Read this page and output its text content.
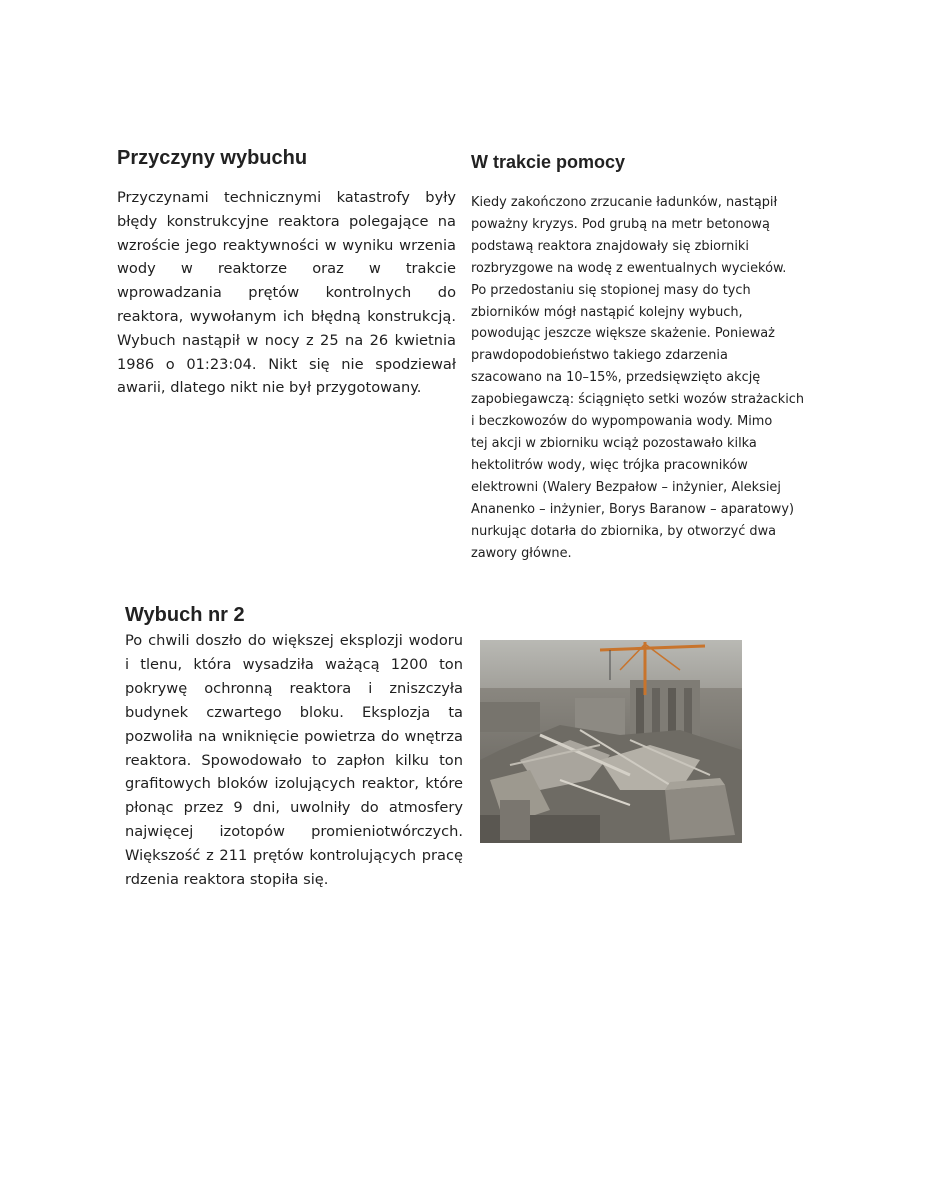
Przyczyny wybuchu
Przyczynami technicznymi katastrofy były
błędy konstrukcyjne reaktora polegające na
wzroście jego reaktywności w wyniku wrzenia
wody w reaktorze oraz w trakcie
wprowadzania prętów kontrolnych do
reaktora, wywołanym ich błędną konstrukcją.
Wybuch nastąpił w nocy z 25 na 26 kwietnia
1986 o 01:23:04. Nikt się nie spodziewał
awarii, dlatego nikt nie był przygotowany.
W trakcie pomocy
Kiedy zakończono zrzucanie ładunków, nastąpił
poważny kryzys. Pod grubą na metr betonową
podstawą reaktora znajdowały się zbiorniki
rozbryzgowe na wodę z ewentualnych wycieków.
Po przedostaniu się stopionej masy do tych
zbiorników mógł nastąpić kolejny wybuch,
powodując jeszcze większe skażenie. Ponieważ
prawdopodobieństwo takiego zdarzenia
szacowano na 10–15%, przedsięwzięto akcję
zapobiegawczą: ściągnięto setki wozów strażackich
i beczkowozów do wypompowania wody. Mimo
tej akcji w zbiorniku wciąż pozostawało kilka
hektolitrów wody, więc trójka pracowników
elektrowni (Walery Bezpałow – inżynier, Aleksiej
Ananenko – inżynier, Borys Baranow – aparatowy)
nurkując dotarła do zbiornika, by otworzyć dwa
zawory główne.
Wybuch nr 2
Po chwili doszło do większej eksplozji wodoru
i tlenu, która wysadziła ważącą 1200 ton
pokrywę ochronną reaktora i zniszczyła
budynek czwartego bloku. Eksplozja ta
pozwoliła na wniknięcie powietrza do wnętrza
reaktora. Spowodowało to zapłon kilku ton
grafitowych bloków izolujących reaktor, które
płonąc przez 9 dni, uwolniły do atmosfery
najwięcej izotopów promieniotwórczych.
Większość z 211 prętów kontrolujących pracę
rdzenia reaktora stopiła się.
